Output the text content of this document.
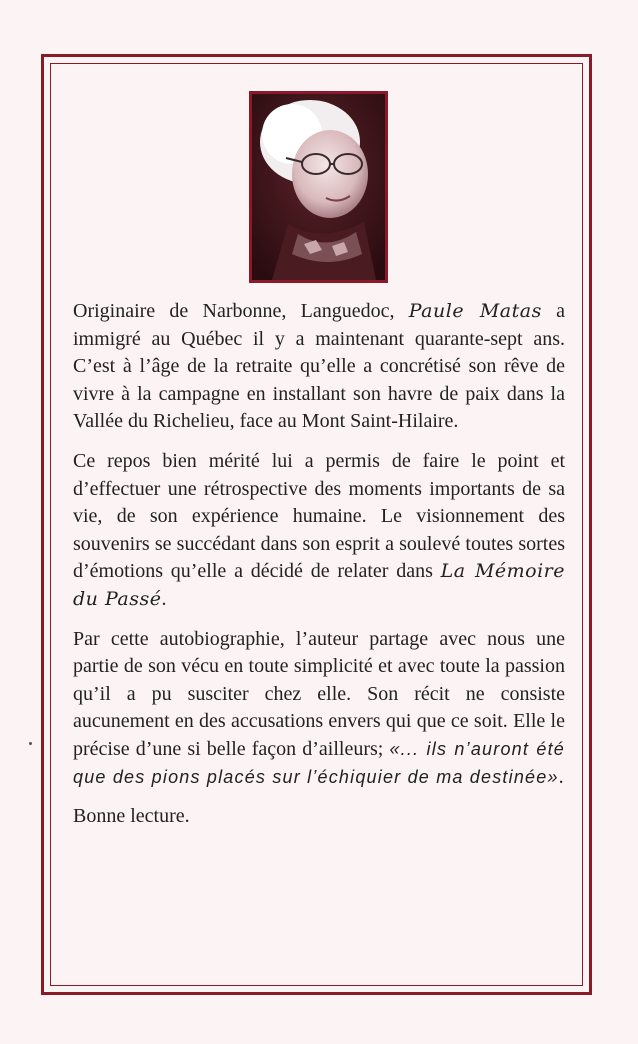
Originaire de Narbonne, Languedoc, Paule Matas a immigré au Québec il y a maintenant quarante-sept ans. C’est à l’âge de la retraite qu’elle a concrétisé son rêve de vivre à la campagne en installant son havre de paix dans la Vallée du Richelieu, face au Mont Saint-Hilaire.

Ce repos bien mérité lui a permis de faire le point et d’effectuer une rétrospective des moments importants de sa vie, de son expérience humaine. Le visionnement des souvenirs se succédant dans son esprit a soulevé toutes sortes d’émotions qu’elle a décidé de relater dans La Mémoire du Passé.

Par cette autobiographie, l’auteur partage avec nous une partie de son vécu en toute simplicité et avec toute la passion qu’il a pu susciter chez elle. Son récit ne consiste aucunement en des accusations envers qui que ce soit. Elle le précise d’une si belle façon d’ailleurs; «... ils n’auront été que des pions placés sur l’échiquier de ma destinée».

Bonne lecture.
